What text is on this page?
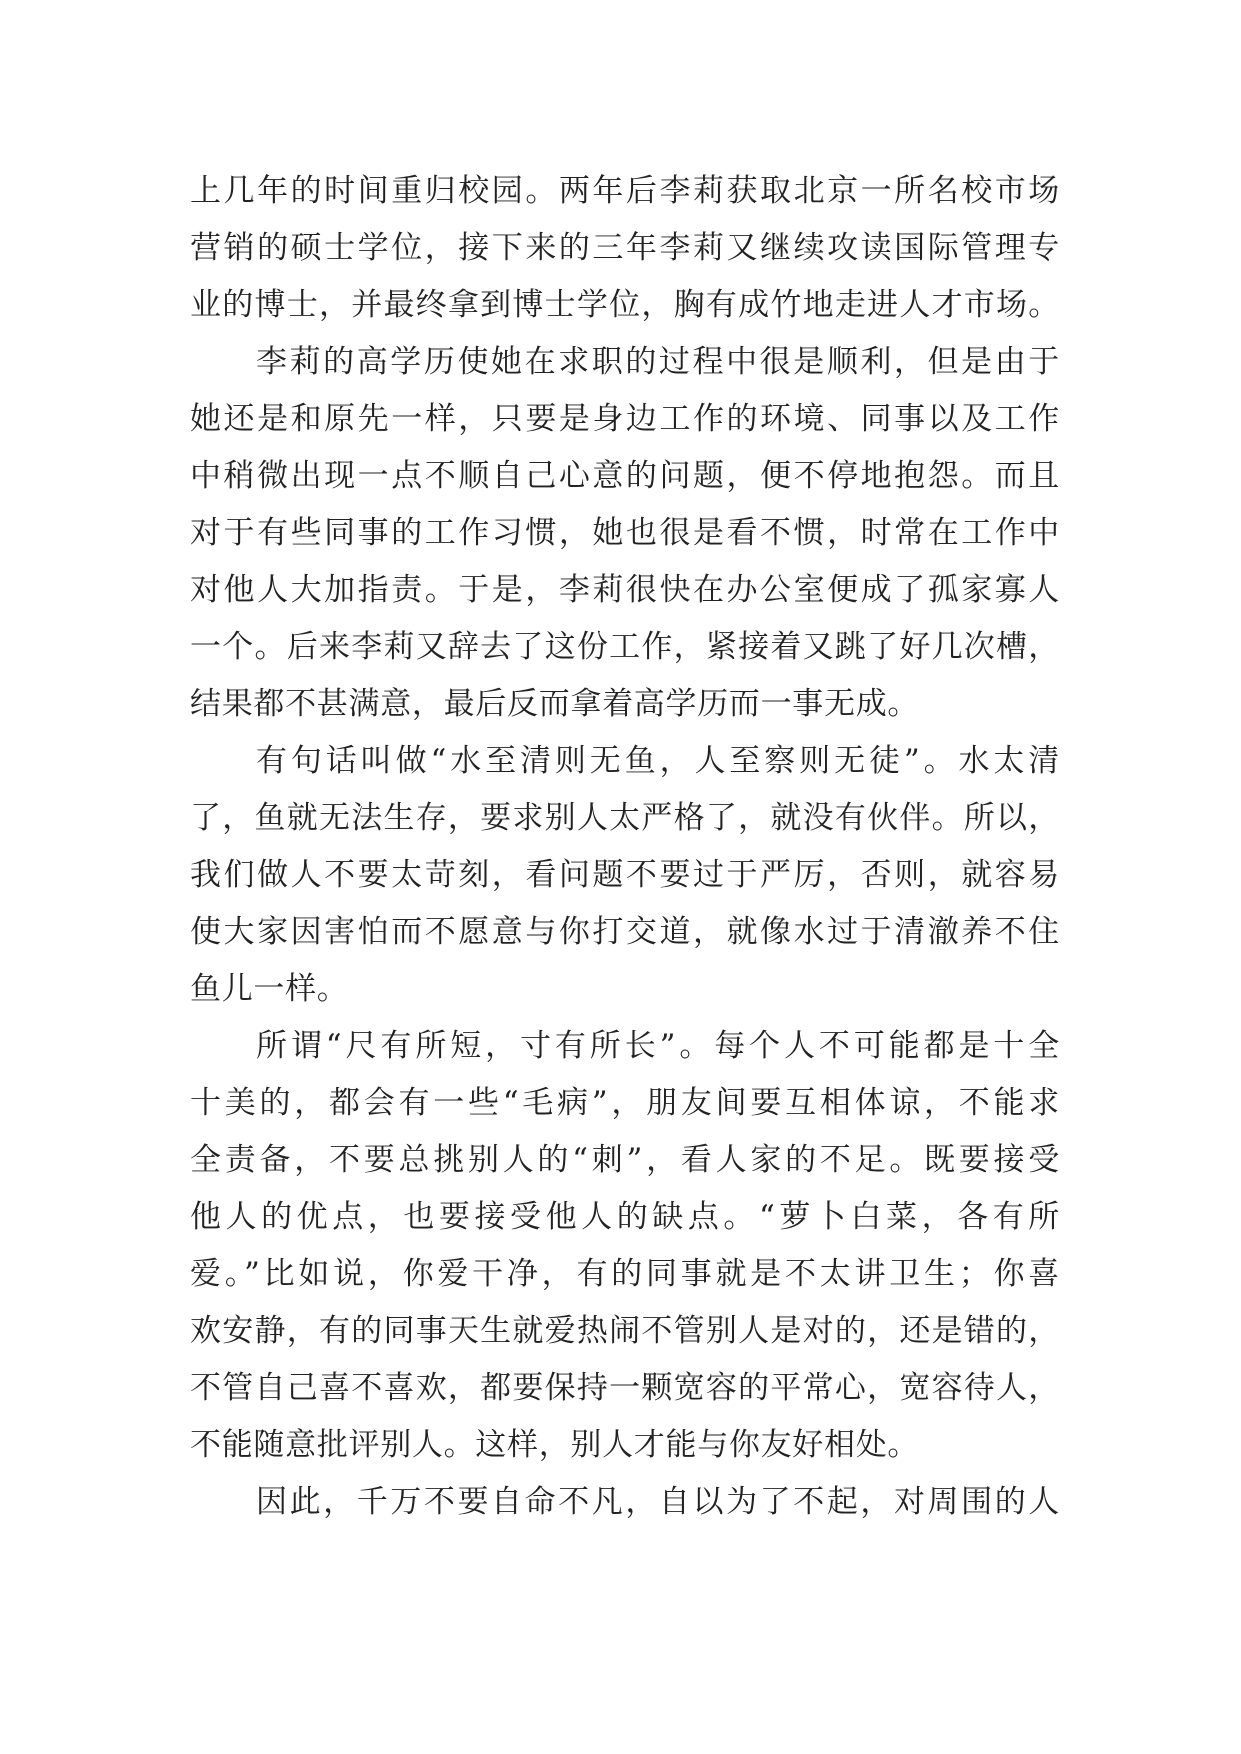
上几年的时间重归校园。两年后李莉获取北京一所名校市场
营销的硕士学位，接下来的三年李莉又继续攻读国际管理专
业的博士，并最终拿到博士学位，胸有成竹地走进人才市场。
李莉的高学历使她在求职的过程中很是顺利，但是由于
她还是和原先一样，只要是身边工作的环境、同事以及工作
中稍微出现一点不顺自己心意的问题，便不停地抱怨。而且
对于有些同事的工作习惯，她也很是看不惯，时常在工作中
对他人大加指责。于是，李莉很快在办公室便成了孤家寡人
一个。后来李莉又辞去了这份工作，紧接着又跳了好几次槽，
结果都不甚满意，最后反而拿着高学历而一事无成。
有句话叫做“水至清则无鱼，人至察则无徒”。水太清
了，鱼就无法生存，要求别人太严格了，就没有伙伴。所以，
我们做人不要太苛刻，看问题不要过于严厉，否则，就容易
使大家因害怕而不愿意与你打交道，就像水过于清澈养不住
鱼儿一样。
所谓“尺有所短，寸有所长”。每个人不可能都是十全
十美的，都会有一些“毛病”，朋友间要互相体谅，不能求
全责备，不要总挑别人的“刺”，看人家的不足。既要接受
他人的优点，也要接受他人的缺点。“萝卜白菜，各有所
爱。”比如说，你爱干净，有的同事就是不太讲卫生；你喜
欢安静，有的同事天生就爱热闹不管别人是对的，还是错的，
不管自己喜不喜欢，都要保持一颗宽容的平常心，宽容待人，
不能随意批评别人。这样，别人才能与你友好相处。
因此，千万不要自命不凡，自以为了不起，对周围的人
